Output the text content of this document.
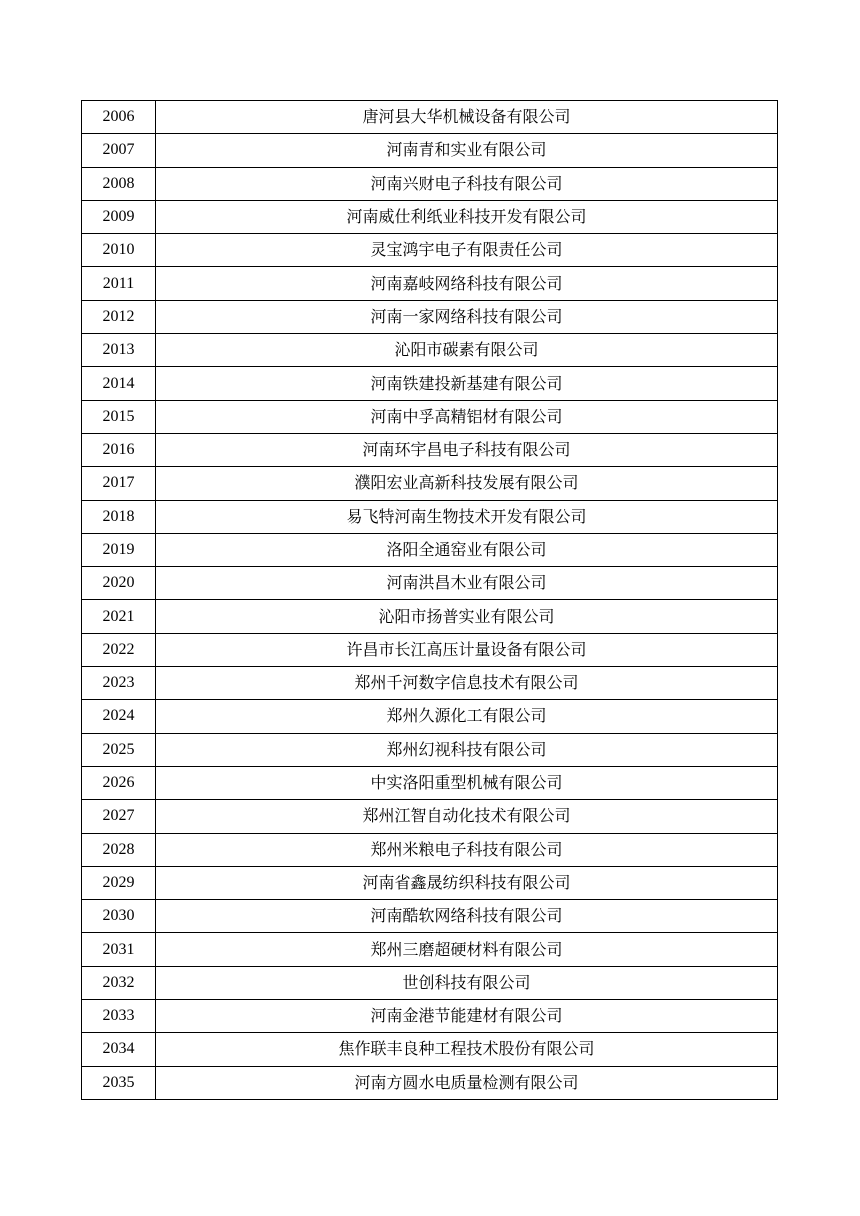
2006	唐河县大华机械设备有限公司
2007	河南青和实业有限公司
2008	河南兴财电子科技有限公司
2009	河南威仕利纸业科技开发有限公司
2010	灵宝鸿宇电子有限责任公司
2011	河南嘉岐网络科技有限公司
2012	河南一家网络科技有限公司
2013	沁阳市碳素有限公司
2014	河南铁建投新基建有限公司
2015	河南中孚高精铝材有限公司
2016	河南环宇昌电子科技有限公司
2017	濮阳宏业高新科技发展有限公司
2018	易飞特河南生物技术开发有限公司
2019	洛阳全通窑业有限公司
2020	河南洪昌木业有限公司
2021	沁阳市扬普实业有限公司
2022	许昌市长江高压计量设备有限公司
2023	郑州千河数字信息技术有限公司
2024	郑州久源化工有限公司
2025	郑州幻视科技有限公司
2026	中实洛阳重型机械有限公司
2027	郑州江智自动化技术有限公司
2028	郑州米粮电子科技有限公司
2029	河南省鑫晟纺织科技有限公司
2030	河南酷软网络科技有限公司
2031	郑州三磨超硬材料有限公司
2032	世创科技有限公司
2033	河南金港节能建材有限公司
2034	焦作联丰良种工程技术股份有限公司
2035	河南方圆水电质量检测有限公司
